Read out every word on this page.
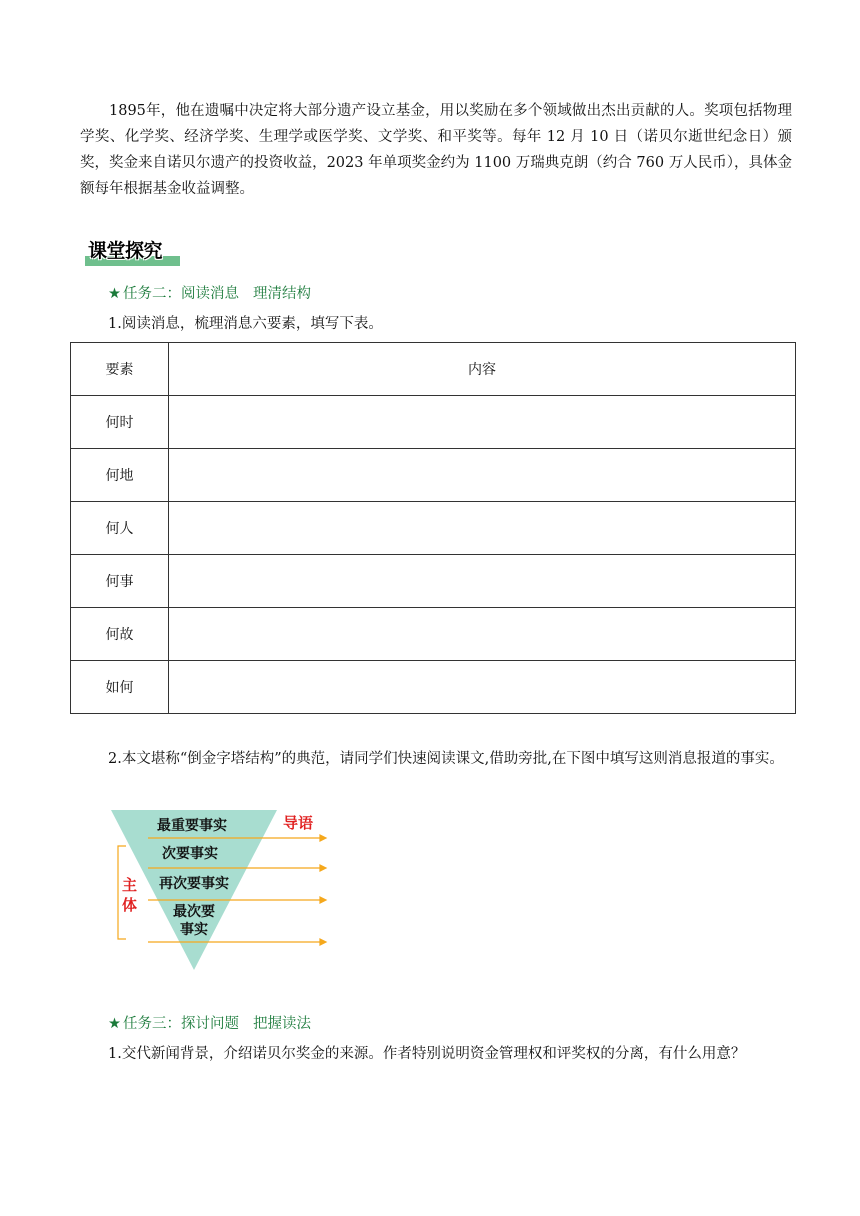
1895年，他在遗嘱中决定将大部分遗产设立基金，用以奖励在多个领域做出杰出贡献的人。奖项包括物理学奖、化学奖、经济学奖、生理学或医学奖、文学奖、和平奖等。每年 12 月 10 日（诺贝尔逝世纪念日）颁奖，奖金来自诺贝尔遗产的投资收益，2023 年单项奖金约为 1100 万瑞典克朗（约合 760 万人民币），具体金额每年根据基金收益调整。

课堂探究
★ 任务二：阅读消息 理清结构

1.阅读消息，梳理消息六要素，填写下表。

要素	内容
何时	
何地	
何人	
何事	
何故	
如何	

2.本文堪称“倒金字塔结构”的典范，请同学们快速阅读课文,借助旁批,在下图中填写这则消息报道的事实。

最重要事实
次要事实
再次要事实
最次要
事实
导语
主
体
★ 任务三：探讨问题 把握读法

1.交代新闻背景，介绍诺贝尔奖金的来源。作者特别说明资金管理权和评奖权的分离，有什么用意？
